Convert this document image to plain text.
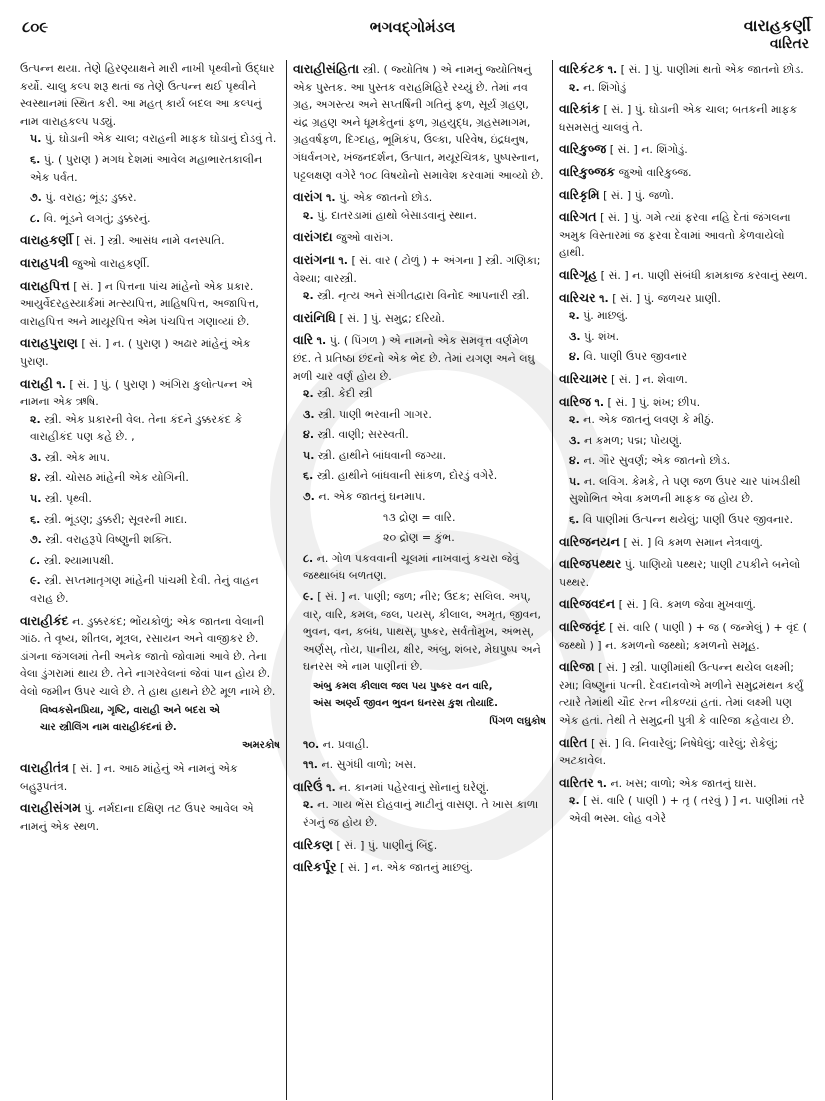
૮૦૯	ભગવદ્ગોમંડલ	વારાહકર્ણી
વારિતર
ઉત્પન્ન થયા. તેણે હિરણ્યાક્ષને મારી નાખી પૃથ્વીનો ઉદ્ધાર કર્યો. ચાલુ કલ્પ શરૂ થતાં જ તેણે ઉત્પન્ન થઈ પૃથ્વીને સ્વસ્થાનમાં સ્થિત કરી. આ મહત્ કાર્ય બદલ આ કલ્પનું નામ વારાહકલ્પ પડ્યું.
૫. પું. ઘોડાની એક ચાલ; વરાહની માફક ઘોડાનું દોડવું તે.
૬. પું. ( પુરાણ ) મગધ દેશમાં આવેલ મહાભારતકાલીન એક પર્વત.
૭. પું. વરાહ; ભૂંડ; ડુક્કર.
૮. વિ. ભૂંડને લગતું; ડુક્કરનું.
વારાહકર્ણી [ સં. ] સ્ત્રી. આસંધ નામે વનસ્પતિ.
વારાહપત્રી જુઓ વારાહકર્ણી.
વારાહપિત્ત [ સં. ] ન પિત્તના પાંચ માંહેનો એક પ્રકાર. આયુર્વેદરહસ્યાર્કમાં મત્સ્યપિત્ત, માહિષપિત્ત, અજાપિત્ત, વારાહપિત્ત અને માયૂરપિત્ત એમ પંચપિત્ત ગણાવ્યાં છે.
વારાહપુરાણ [ સં. ] ન. ( પુરાણ ) અઢાર માંહેનું એક પુરાણ.
વારાહી ૧. [ સં. ] પું. ( પુરાણ ) અંગિરા કુલોત્પન્ન એ નામના એક ઋષિ.
૨. સ્ત્રી. એક પ્રકારની વેલ. તેના કંદને ડુક્કરકંદ કે વારાહીકંદ પણ કહે છે. ,
૩. સ્ત્રી. એક માપ.
૪. સ્ત્રી. ચોસઠ માંહેની એક યોગિની.
૫. સ્ત્રી. પૃથ્વી.
૬. સ્ત્રી. ભૂંડણ; ડુક્કરી; સૂવરની માદા.
૭. સ્ત્રી. વરાહરૂપે વિષ્ણુની શક્તિ.
૮. સ્ત્રી. શ્યામાપક્ષી.
૯. સ્ત્રી. સપ્તમાતૃગણ માંહેની પાંચમી દેવી. તેનું વાહન વરાહ છે.
વારાહીકંદ ન. ડુક્કરકંદ; ભોંયકોળું; એક જાતના વેલાની ગાંઠ. તે વૃષ્ય, શીતલ, મૂત્રલ, રસાયન અને વાજીકર છે. ડાંગના જંગલમાં તેની અનેક જાતો જોવામાં આવે છે. તેના વેલા ડુંગરામાં થાય છે. તેને નાગરવેલનાં જેવાં પાન હોય છે. વેલો જમીન ઉપર ચાલે છે. તે હાથ હાથને છેટે મૂળ નાખે છે.
વિષ્વકસેનપ્રિયા, ગૃષ્ટિ, વારાહી અને બદરા એ
ચાર સ્ત્રીલિંગ નામ વારાહીકંદનાં છે.
અમરકોષ
વારાહીતંત્ર [ સં. ] ન. આઠ માંહેનું એ નામનું એક બહુરૂપતંત્ર.
વારાહીસંગમ પું. નર્મદાના દક્ષિણ તટ ઉપર આવેલ એ નામનું એક સ્થળ.
વારાહીસંહિતા સ્ત્રી. ( જ્યોતિષ ) એ નામનું જ્યોતિષનું એક પુસ્તક. આ પુસ્તક વરાહમિહિરે રચ્યું છે. તેમાં નવ ગ્રહ, અગસ્ત્ય અને સપ્તર્ષિની ગતિનું ફળ, સૂર્ય ગ્રહણ, ચંદ્ર ગ્રહણ અને ધૂમકેતુનાં ફળ, ગ્રહયુદ્ધ, ગ્રહસમાગમ, ગ્રહવર્ષફળ, દિગ્દાહ, ભૂમિકંપ, ઉલ્કા, પરિવેષ, ઇંદ્રધનુષ, ગંધર્વનગર, ખંજનદર્શન, ઉત્પાત, મયૂરચિત્રક, પુષ્પસ્નાન, પટ્ટલક્ષણ વગેરે ૧૦૮ વિષયોનો સમાવેશ કરવામાં આવ્યો છે.
વારાંગ ૧. પું. એક જાતનો છોડ.
૨. પું. દાતરડામાં હાથો બેસાડવાનું સ્થાન.
વારાંગદા જુઓ વારાંગ.
વારાંગના ૧. [ સં. વાર ( ટોળું ) + અંગના ] સ્ત્રી. ગણિકા; વેશ્યા; વારસ્ત્રી.
૨. સ્ત્રી. નૃત્ય અને સંગીતદ્વારા વિનોદ આપનારી સ્ત્રી.
વારાંનિધિ [ સં. ] પું. સમુદ્ર; દરિયો.
વારિ ૧. પું. ( પિંગળ ) એ નામનો એક સમવૃત્ત વર્ણમેળ છંદ. તે પ્રતિષ્ઠા છંદનો એક ભેદ છે. તેમાં યગણ અને લઘુ મળી ચાર વર્ણ હોય છે.
૨. સ્ત્રી. કેદી સ્ત્રી
૩. સ્ત્રી. પાણી ભરવાની ગાગર.
૪. સ્ત્રી. વાણી; સરસ્વતી.
૫. સ્ત્રી. હાથીને બાંધવાની જગ્યા.
૬. સ્ત્રી. હાથીને બાંધવાની સાંકળ, દોરડું વગેરે.
૭. ન. એક જાતનું ઘનમાપ.
૧૩ દ્રોણ = વારિ.
૨૦ દ્રોણ = કુંભ.
૮. ન. ગોળ પકવવાની ચૂલમાં નાખવાનું કચરા જેવું જથ્થાબંધ બળતણ.
૯. [ સં. ] ન. પાણી; જળ; નીર; ઉદક; સલિલ. અપ્, વાર્, વારિ, કમલ, જલ, પયસ્, કીલાલ, અમૃત, જીવન, ભુવન, વન, કબંધ, પાથસ્, પુષ્કર, સર્વતોમુખ, અંભસ્, અર્ણસ્, તોય, પાનીય, ક્ષીર, અંબુ, શંબર, મેઘપુષ્પ અને ઘનરસ એ નામ પાણીનાં છે.
અંબુ કમલ કીલાલ જલ પય પુષ્કર વન વારિ,
અંસ અર્ણ્ય જીવન ભુવન ઘનરસ કુશ તોયાદિ.
પિંગળ લઘુકોષ
૧૦. ન. પ્રવાહી.
૧૧. ન. સુગંધી વાળો; ખસ.
વારિઉં ૧. ન. કાનમાં પહેરવાનું સોનાનું ઘરેણું.
૨. ન. ગાય ભેંસ દોહવાનું માટીનું વાસણ. તે ખાસ કાળા રંગનું જ હોય છે.
વારિકણ [ સં. ] પું. પાણીનું બિંદુ.
વારિકર્પૂર [ સં. ] ન. એક જાતનું માછલું.
વારિકંટક ૧. [ સં. ] પું. પાણીમાં થતો એક જાતનો છોડ.
૨. ન. શિંગોડું
વારિકાંક [ સં. ] પું. ઘોડાની એક ચાલ; બતકની માફક ધસમસતું ચાલવું તે.
વારિકુબ્જ [ સં. ] ન. શિંગોડું.
વારિકુબ્જક જુઓ વારિકુબ્જ.
વારિકૃમિ [ સં. ] પું. જળો.
વારિગત [ સં. ] પું. ગમે ત્યાં ફરવા નહિ દેતાં જંગલના અમુક વિસ્તારમાં જ ફરવા દેવામાં આવતો કેળવાયેલો હાથી.
વારિગૃહ [ સં. ] ન. પાણી સંબંધી કામકાજ કરવાનું સ્થળ.
વારિચર ૧. [ સં. ] પું. જળચર પ્રાણી.
૨. પું. માછલું.
૩. પું. શંખ.
૪. વિ. પાણી ઉપર જીવનાર
વારિચામર [ સં. ] ન. શેવાળ.
વારિજ ૧. [ સં. ] પું. શંખ; છીપ.
૨. ન. એક જાતનું લવણ કે મીઠું.
૩. ન કમળ; પદ્મ; પોયણું.
૪. ન. ગૌર સુવર્ણ; એક જાતનો છોડ.
૫. ન. લવિંગ. કેમકે, તે પણ જળ ઉપર ચાર પાંખડીથી સુશોભિત એવા કમળની માફક જ હોય છે.
૬. વિ પાણીમાં ઉત્પન્ન થયેલું; પાણી ઉપર જીવનાર.
વારિજનયન [ સં. ] વિ કમળ સમાન નેત્રવાળું.
વારિજપથ્થર પું. પાણિયો પથ્થર; પાણી ટપકીને બનેલો પથ્થર.
વારિજવદન [ સં. ] વિ. કમળ જેવા મુખવાળું.
વારિજવૃંદ [ સં. વારિ ( પાણી ) + જ ( જન્મેલું ) + વૃંદ ( જથ્થો ) ] ન. કમળનો જથ્થો; કમળનો સમૂહ.
વારિજા [ સં. ] સ્ત્રી. પાણીમાંથી ઉત્પન્ન થયેલ લક્ષ્મી; રમા; વિષ્ણુનાં પત્ની. દેવદાનવોએ મળીને સમુદ્રમંથન કર્યું ત્યારે તેમાંથી ચૌદ રત્ન નીકળ્યાં હતાં. તેમાં લક્ષ્મી પણ એક હતાં. તેથી તે સમુદ્રની પુત્રી કે વારિજા કહેવાય છે.
વારિત [ સં. ] વિ. નિવારેલું; નિષેધેલું; વારેલું; રોકેલું; અટકાવેલ.
વારિતર ૧. ન. ખસ; વાળો; એક જાતનું ઘાસ.
૨. [ સં. વારિ ( પાણી ) + તૃ ( તરવું ) ] ન. પાણીમાં તરે એવી ભસ્મ. લોહ વગેરે
